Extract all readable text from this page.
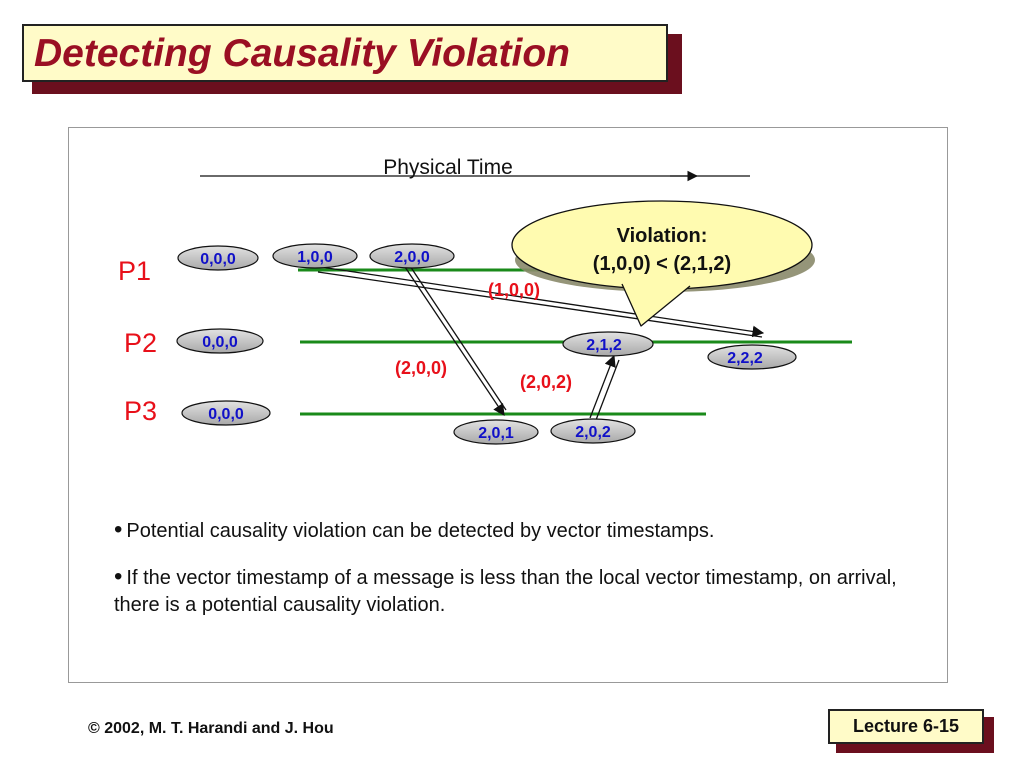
Detecting Causality Violation
Physical Time
P1
P2
P3
(1,0,0)
(2,0,0)
(2,0,2)
0,0,0
0,0,0
0,0,0
1,0,0	2,0,0
2,1,2
2,2,2
2,0,1	2,0,2
Violation:
(1,0,0) < (2,1,2)
• Potential causality violation can be detected by vector timestamps.
• If the vector timestamp of a message is less than the local vector timestamp, on arrival, there is a potential causality violation.
© 2002, M. T. Harandi and J. Hou	Lecture 6-15
